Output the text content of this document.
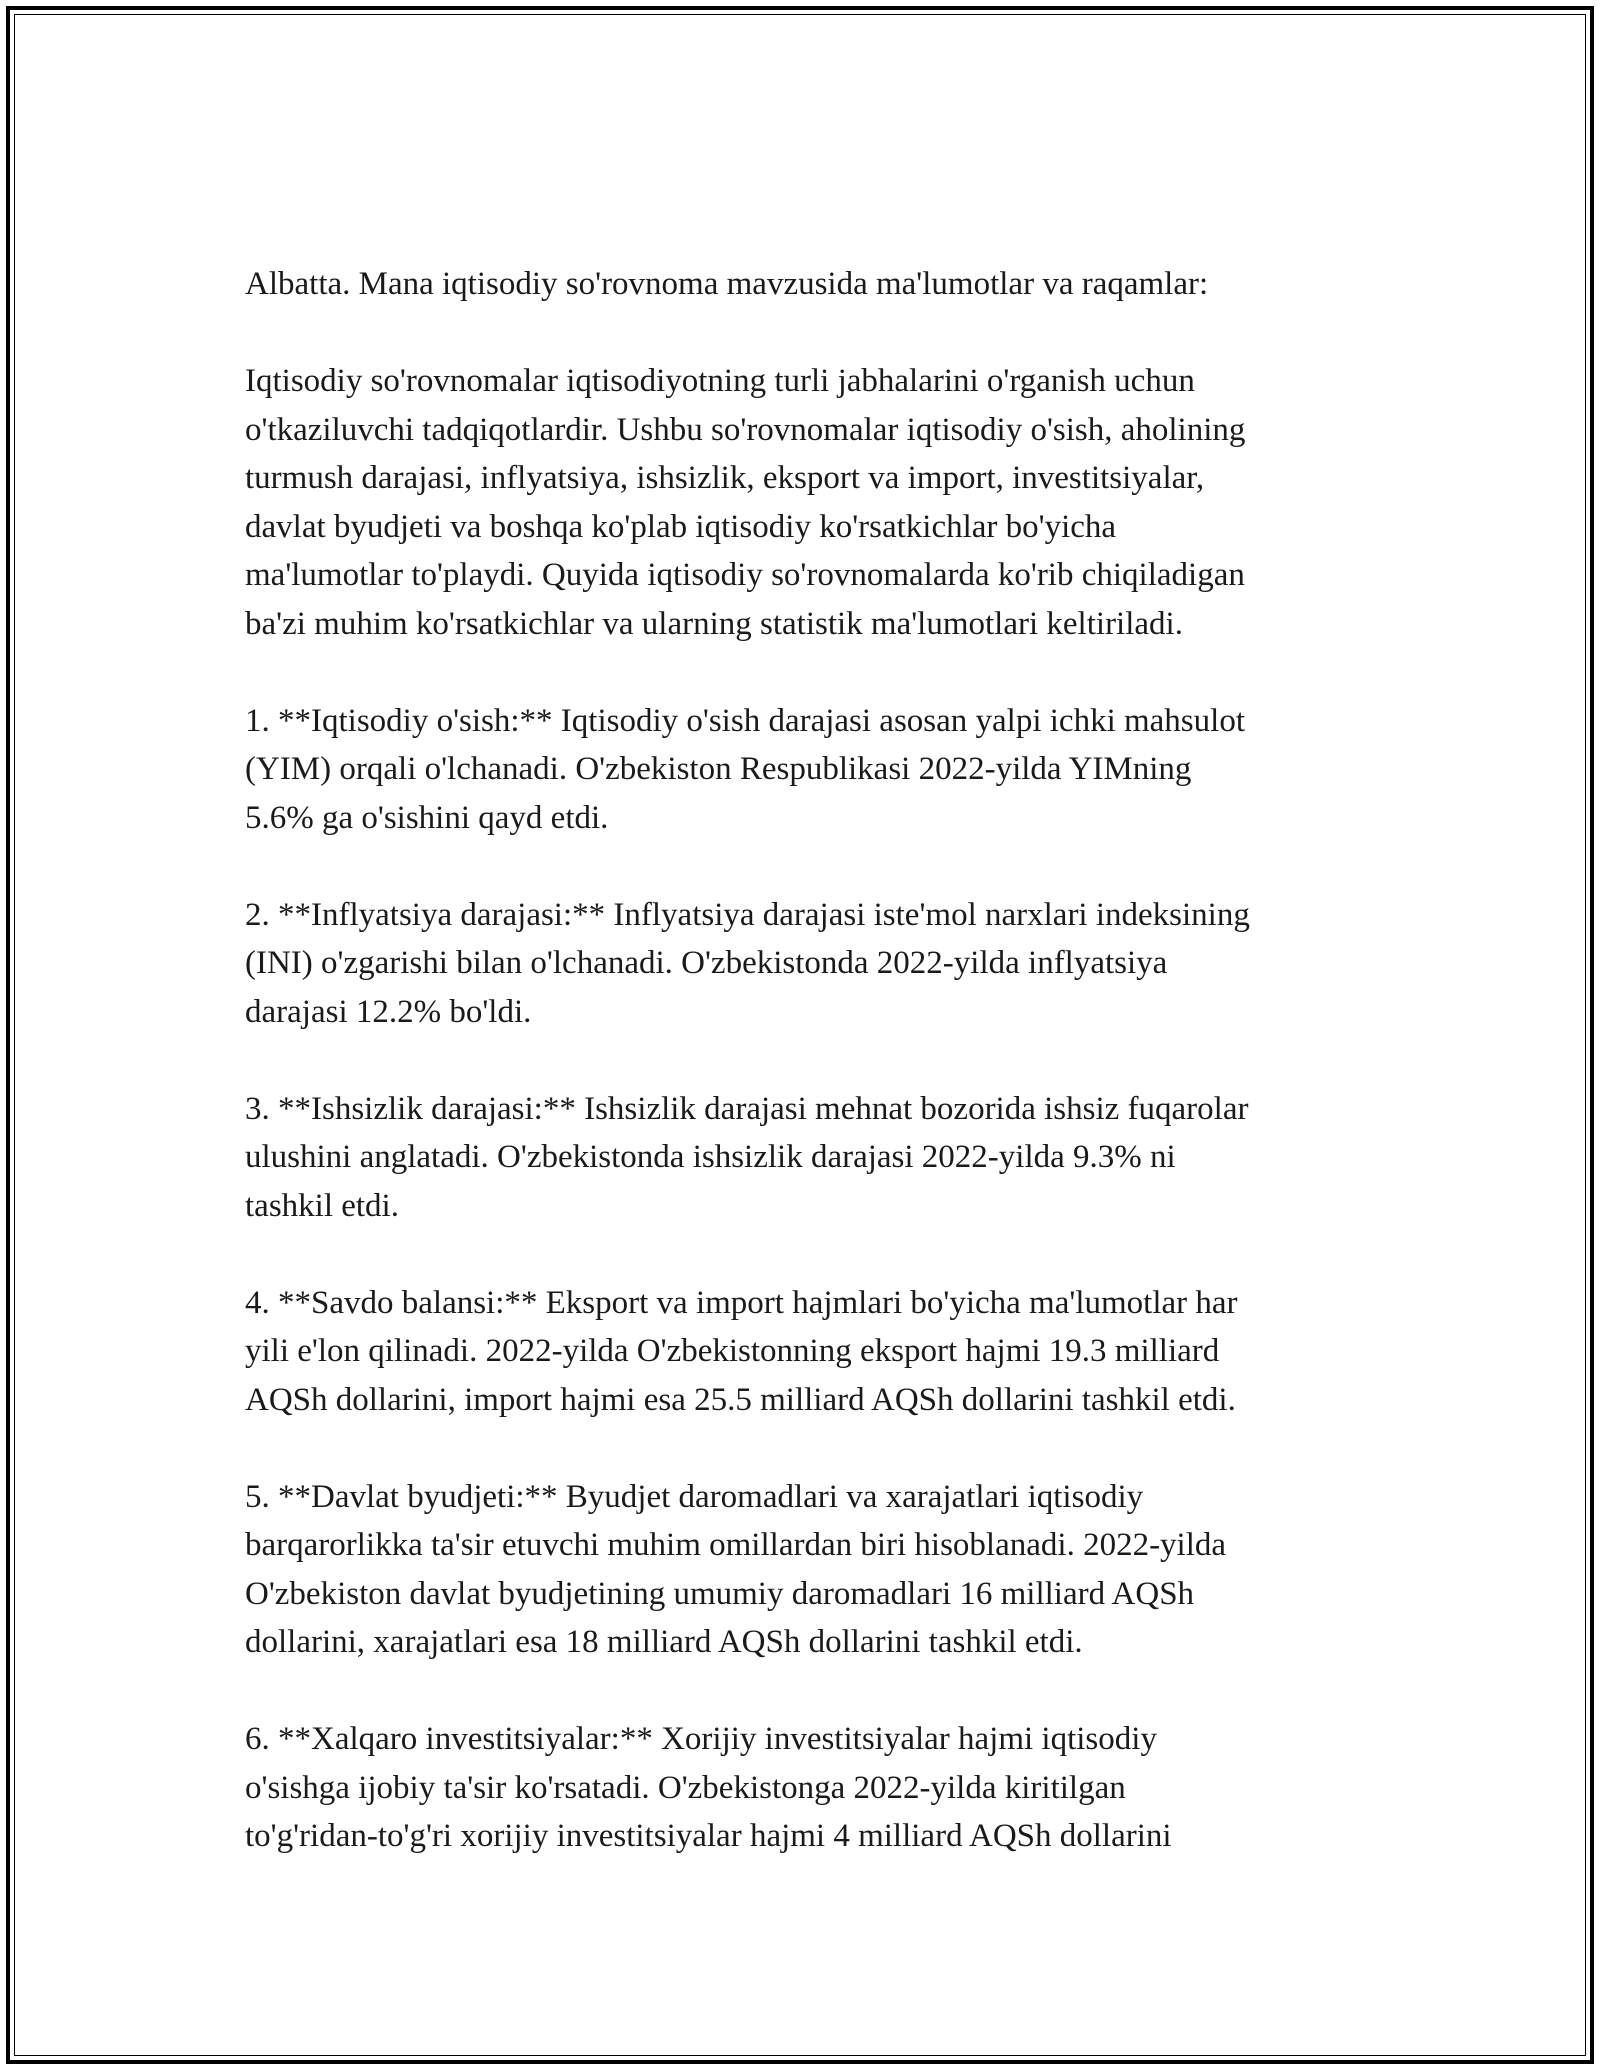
Albatta. Mana iqtisodiy so'rovnoma mavzusida ma'lumotlar va raqamlar:

Iqtisodiy so'rovnomalar iqtisodiyotning turli jabhalarini o'rganish uchun
o'tkaziluvchi tadqiqotlardir. Ushbu so'rovnomalar iqtisodiy o'sish, aholining
turmush darajasi, inflyatsiya, ishsizlik, eksport va import, investitsiyalar,
davlat byudjeti va boshqa ko'plab iqtisodiy ko'rsatkichlar bo'yicha
ma'lumotlar to'playdi. Quyida iqtisodiy so'rovnomalarda ko'rib chiqiladigan
ba'zi muhim ko'rsatkichlar va ularning statistik ma'lumotlari keltiriladi.

1. **Iqtisodiy o'sish:** Iqtisodiy o'sish darajasi asosan yalpi ichki mahsulot
(YIM) orqali o'lchanadi. O'zbekiston Respublikasi 2022-yilda YIMning
5.6% ga o'sishini qayd etdi.

2. **Inflyatsiya darajasi:** Inflyatsiya darajasi iste'mol narxlari indeksining
(INI) o'zgarishi bilan o'lchanadi. O'zbekistonda 2022-yilda inflyatsiya
darajasi 12.2% bo'ldi.

3. **Ishsizlik darajasi:** Ishsizlik darajasi mehnat bozorida ishsiz fuqarolar
ulushini anglatadi. O'zbekistonda ishsizlik darajasi 2022-yilda 9.3% ni
tashkil etdi.

4. **Savdo balansi:** Eksport va import hajmlari bo'yicha ma'lumotlar har
yili e'lon qilinadi. 2022-yilda O'zbekistonning eksport hajmi 19.3 milliard
AQSh dollarini, import hajmi esa 25.5 milliard AQSh dollarini tashkil etdi.

5. **Davlat byudjeti:** Byudjet daromadlari va xarajatlari iqtisodiy
barqarorlikka ta'sir etuvchi muhim omillardan biri hisoblanadi. 2022-yilda
O'zbekiston davlat byudjetining umumiy daromadlari 16 milliard AQSh
dollarini, xarajatlari esa 18 milliard AQSh dollarini tashkil etdi.

6. **Xalqaro investitsiyalar:** Xorijiy investitsiyalar hajmi iqtisodiy
o'sishga ijobiy ta'sir ko'rsatadi. O'zbekistonga 2022-yilda kiritilgan
to'g'ridan-to'g'ri xorijiy investitsiyalar hajmi 4 milliard AQSh dollarini
